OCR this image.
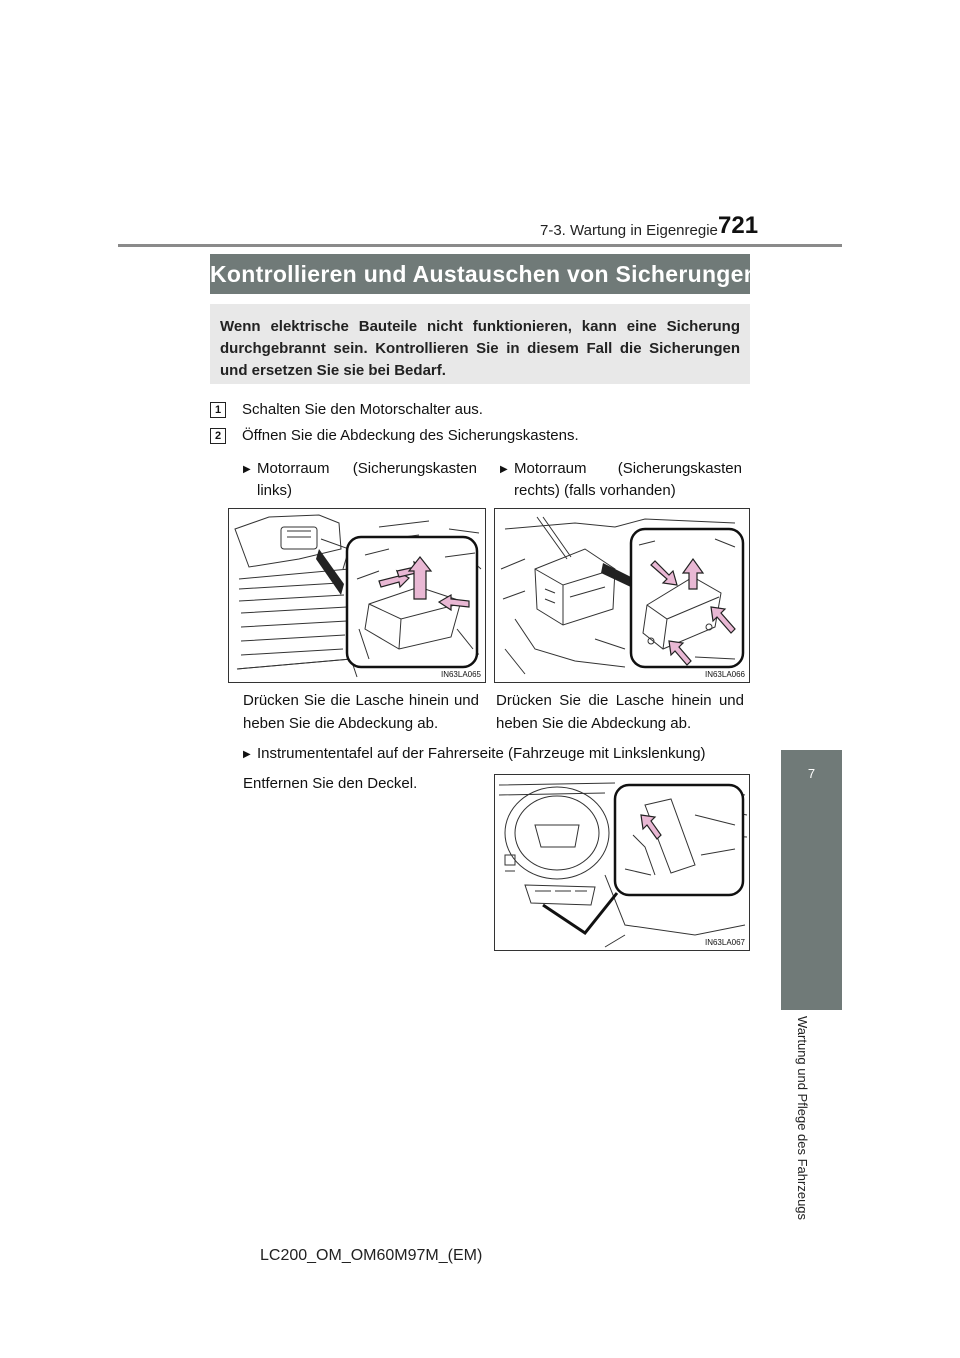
7-3. Wartung in Eigenregie 721
Kontrollieren und Austauschen von Sicherungen
Wenn elektrische Bauteile nicht funktionieren, kann eine Sicherung durchgebrannt sein. Kontrollieren Sie in diesem Fall die Sicherungen und ersetzen Sie sie bei Bedarf.
1	Schalten Sie den Motorschalter aus.
2	Öffnen Sie die Abdeckung des Sicherungskastens.
▶ Motorraum (Sicherungskasten links)
▶ Motorraum (Sicherungskasten rechts) (falls vorhanden)
IN63LA065	IN63LA066
Drücken Sie die Lasche hinein und heben Sie die Abdeckung ab.
Drücken Sie die Lasche hinein und heben Sie die Abdeckung ab.
▶ Instrumententafel auf der Fahrerseite (Fahrzeuge mit Linkslenkung)
Entfernen Sie den Deckel.
IN63LA067
7
Wartung und Pflege des Fahrzeugs
LC200_OM_OM60M97M_(EM)
